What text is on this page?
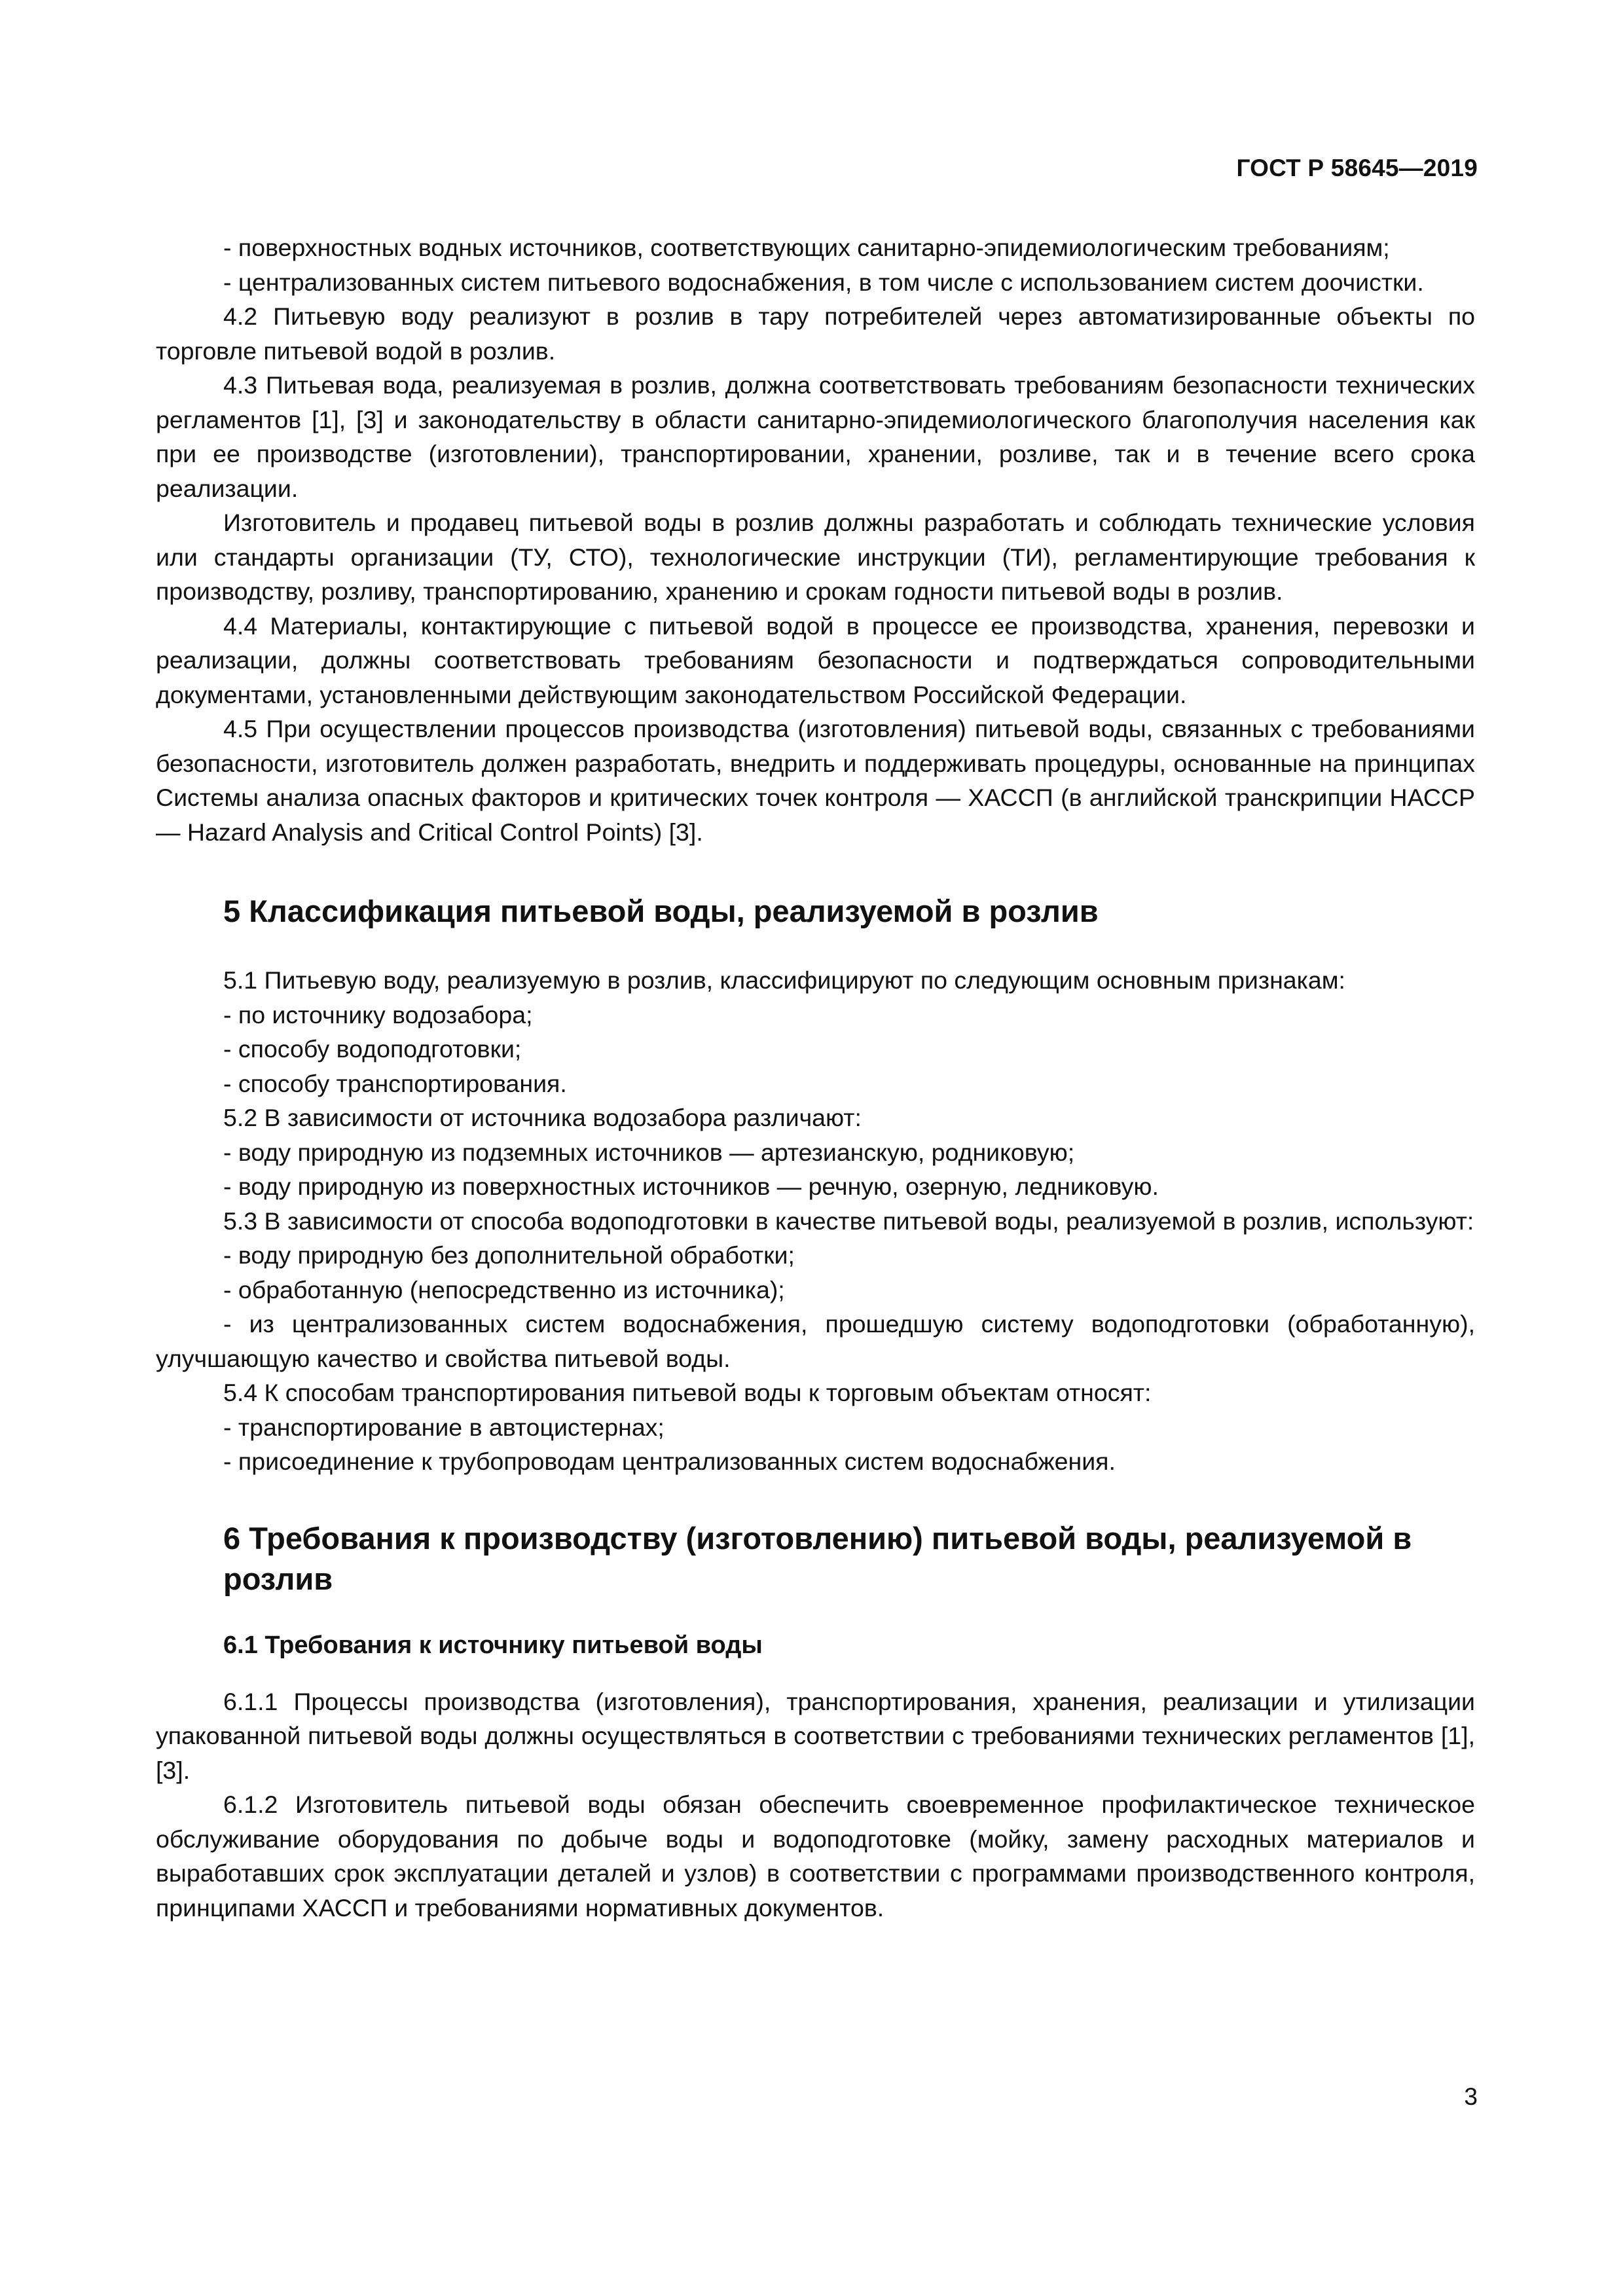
ГОСТ Р 58645—2019

- поверхностных водных источников, соответствующих санитарно-эпидемиологическим требованиям;

- централизованных систем питьевого водоснабжения, в том числе с использованием систем доочистки.

4.2 Питьевую воду реализуют в розлив в тару потребителей через автоматизированные объекты по торговле питьевой водой в розлив.

4.3 Питьевая вода, реализуемая в розлив, должна соответствовать требованиям безопасности технических регламентов [1], [3] и законодательству в области санитарно-эпидемиологического благополучия населения как при ее производстве (изготовлении), транспортировании, хранении, розливе, так и в течение всего срока реализации.

Изготовитель и продавец питьевой воды в розлив должны разработать и соблюдать технические условия или стандарты организации (ТУ, СТО), технологические инструкции (ТИ), регламентирующие требования к производству, розливу, транспортированию, хранению и срокам годности питьевой воды в розлив.

4.4 Материалы, контактирующие с питьевой водой в процессе ее производства, хранения, перевозки и реализации, должны соответствовать требованиям безопасности и подтверждаться сопроводительными документами, установленными действующим законодательством Российской Федерации.

4.5 При осуществлении процессов производства (изготовления) питьевой воды, связанных с требованиями безопасности, изготовитель должен разработать, внедрить и поддерживать процедуры, основанные на принципах Системы анализа опасных факторов и критических точек контроля — ХАССП (в английской транскрипции НАССР — Hazard Analysis and Critical Control Points) [3].

5 Классификация питьевой воды, реализуемой в розлив

5.1 Питьевую воду, реализуемую в розлив, классифицируют по следующим основным признакам:

- по источнику водозабора;

- способу водоподготовки;

- способу транспортирования.

5.2 В зависимости от источника водозабора различают:

- воду природную из подземных источников — артезианскую, родниковую;

- воду природную из поверхностных источников — речную, озерную, ледниковую.

5.3 В зависимости от способа водоподготовки в качестве питьевой воды, реализуемой в розлив, используют:

- воду природную без дополнительной обработки;

- обработанную (непосредственно из источника);

- из централизованных систем водоснабжения, прошедшую систему водоподготовки (обработанную), улучшающую качество и свойства питьевой воды.

5.4 К способам транспортирования питьевой воды к торговым объектам относят:

- транспортирование в автоцистернах;

- присоединение к трубопроводам централизованных систем водоснабжения.

6 Требования к производству (изготовлению) питьевой воды, реализуемой в розлив
6.1 Требования к источнику питьевой воды

6.1.1 Процессы производства (изготовления), транспортирования, хранения, реализации и утилизации упакованной питьевой воды должны осуществляться в соответствии с требованиями технических регламентов [1], [3].

6.1.2 Изготовитель питьевой воды обязан обеспечить своевременное профилактическое техническое обслуживание оборудования по добыче воды и водоподготовке (мойку, замену расходных материалов и выработавших срок эксплуатации деталей и узлов) в соответствии с программами производственного контроля, принципами ХАССП и требованиями нормативных документов.

3
